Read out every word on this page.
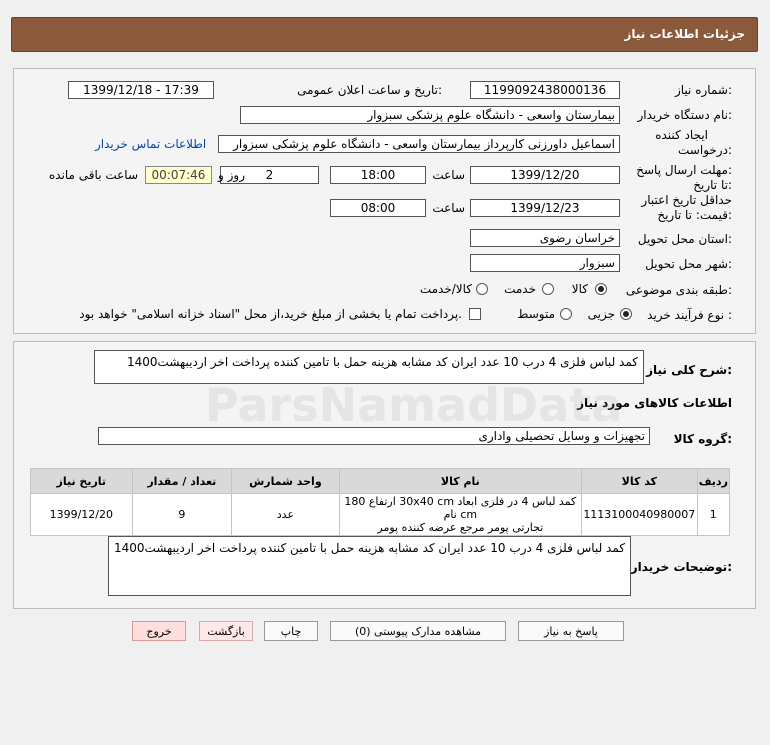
جزئیات اطلاعات نیاز
شماره نیاز:
1199092438000136
تاریخ و ساعت اعلان عمومی:
1399/12/18 - 17:39
نام دستگاه خریدار:
بیمارستان واسعی - دانشگاه علوم پزشکی سبزوار
ایجاد کننده
درخواست:
اسماعیل داورزنی کارپرداز بیمارستان واسعی - دانشگاه علوم پزشکی سبزوار
اطلاعات تماس خریدار
مهلت ارسال پاسخ:
تا تاریخ:
1399/12/20
ساعت
18:00
2
روز و
00:07:46
ساعت باقی مانده
حداقل تاریخ اعتبار
قیمت: تا تاریخ:
1399/12/23
ساعت
08:00
استان محل تحویل:
خراسان رضوی
شهر محل تحویل:
سبزوار
طبقه بندی موضوعی:
کالا
خدمت
کالا/خدمت
نوع فرآیند خرید :
جزیی
متوسط
پرداخت تمام یا بخشی از مبلغ خرید،از محل "اسناد خزانه اسلامی" خواهد بود.
شرح کلی نیاز:
کمد لباس فلزی 4 درب 10 عدد ایران کد مشابه هزینه حمل با تامین کننده پرداخت اخر اردیبهشت1400
اطلاعات کالاهای مورد نیاز
گروه کالا:
تجهیزات و وسایل تحصیلی واداری
ردیف	کد کالا	نام کالا	واحد شمارش	تعداد / مقدار	تاریخ نیاز
1	1113100040980007	کمد لباس 4 در فلزی ابعاد 30x40 cm ارتفاع 180 cm نام
تجارتی پومر مرجع عرضه کننده پومر	عدد	9	1399/12/20
توضیحات خریدار:
کمد لباس فلزی 4 درب 10 عدد ایران کد مشابه هزینه حمل با تامین کننده پرداخت اخر اردیبهشت1400
پاسخ به نیاز
مشاهده مدارک پیوستی (0)
چاپ
بازگشت
خروج
